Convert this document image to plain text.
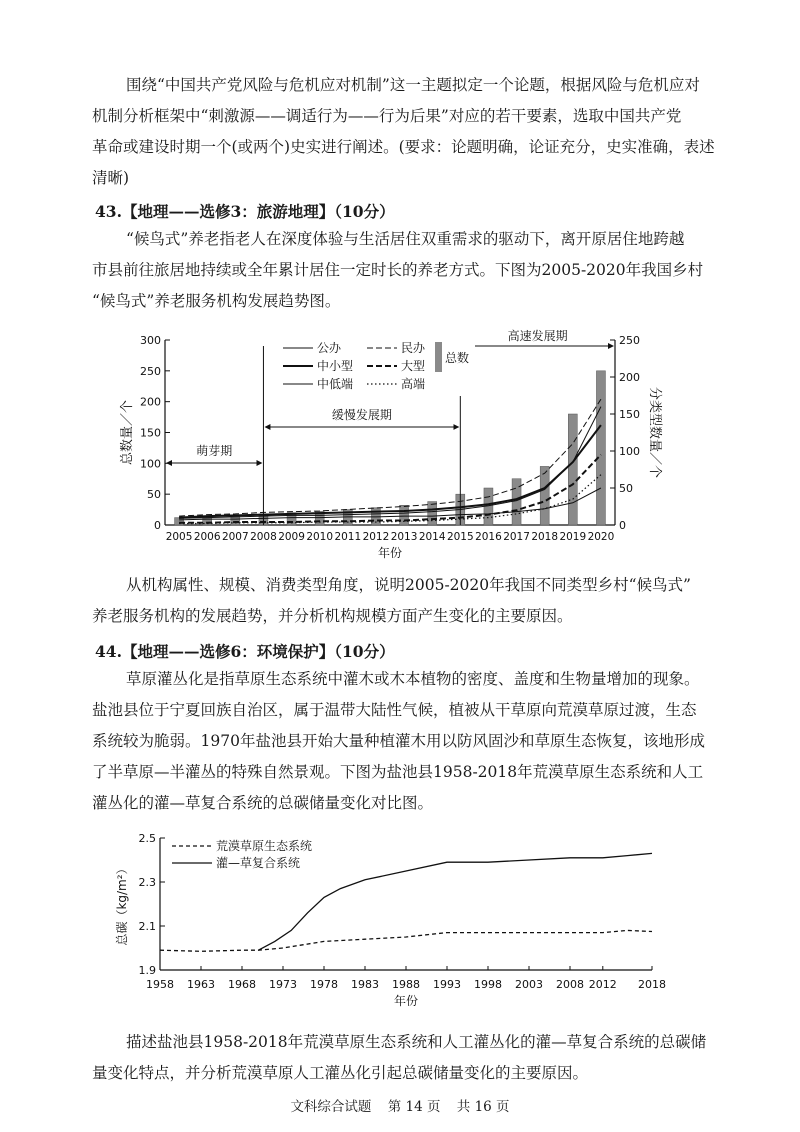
围绕“中国共产党风险与危机应对机制”这一主题拟定一个论题，根据风险与危机应对
机制分析框架中“刺激源——调适行为——行为后果”对应的若干要素，选取中国共产党
革命或建设时期一个(或两个)史实进行阐述。(要求：论题明确，论证充分，史实准确，表述
清晰)
43.【地理——选修3：旅游地理】（10分）
“候鸟式”养老指老人在深度体验与生活居住双重需求的驱动下，离开原居住地跨越
市县前往旅居地持续或全年累计居住一定时长的养老方式。下图为2005-2020年我国乡村
“候鸟式”养老服务机构发展趋势图。
0
50
100
150
200
250
300
0
50
100
150
200
250
2005 2006 2007 2008 2009 2010 2011 2012 2013 2014 2015 2016 2017 2018 2019 2020
年份
总数量／个	分类型数量／个
萌芽期
缓慢发展期
高速发展期
公办	民办
中小型	大型
中低端	高端
总数
从机构属性、规模、消费类型角度，说明2005-2020年我国不同类型乡村“候鸟式”
养老服务机构的发展趋势，并分析机构规模方面产生变化的主要原因。
44.【地理——选修6：环境保护】（10分）
草原灌丛化是指草原生态系统中灌木或木本植物的密度、盖度和生物量增加的现象。
盐池县位于宁夏回族自治区，属于温带大陆性气候，植被从干草原向荒漠草原过渡，生态
系统较为脆弱。1970年盐池县开始大量种植灌木用以防风固沙和草原生态恢复，该地形成
了半草原—半灌丛的特殊自然景观。下图为盐池县1958-2018年荒漠草原生态系统和人工
灌丛化的灌—草复合系统的总碳储量变化对比图。
1.9
2.1
2.3
2.5
1958 1963 1968 1973 1978 1983 1988 1993 1998 2003 2008 2012 2018
年份
总碳（kg/m²）
荒漠草原生态系统
灌—草复合系统
描述盐池县1958-2018年荒漠草原生态系统和人工灌丛化的灌—草复合系统的总碳储
量变化特点，并分析荒漠草原人工灌丛化引起总碳储量变化的主要原因。
文科综合试题 第 14 页 共 16 页
